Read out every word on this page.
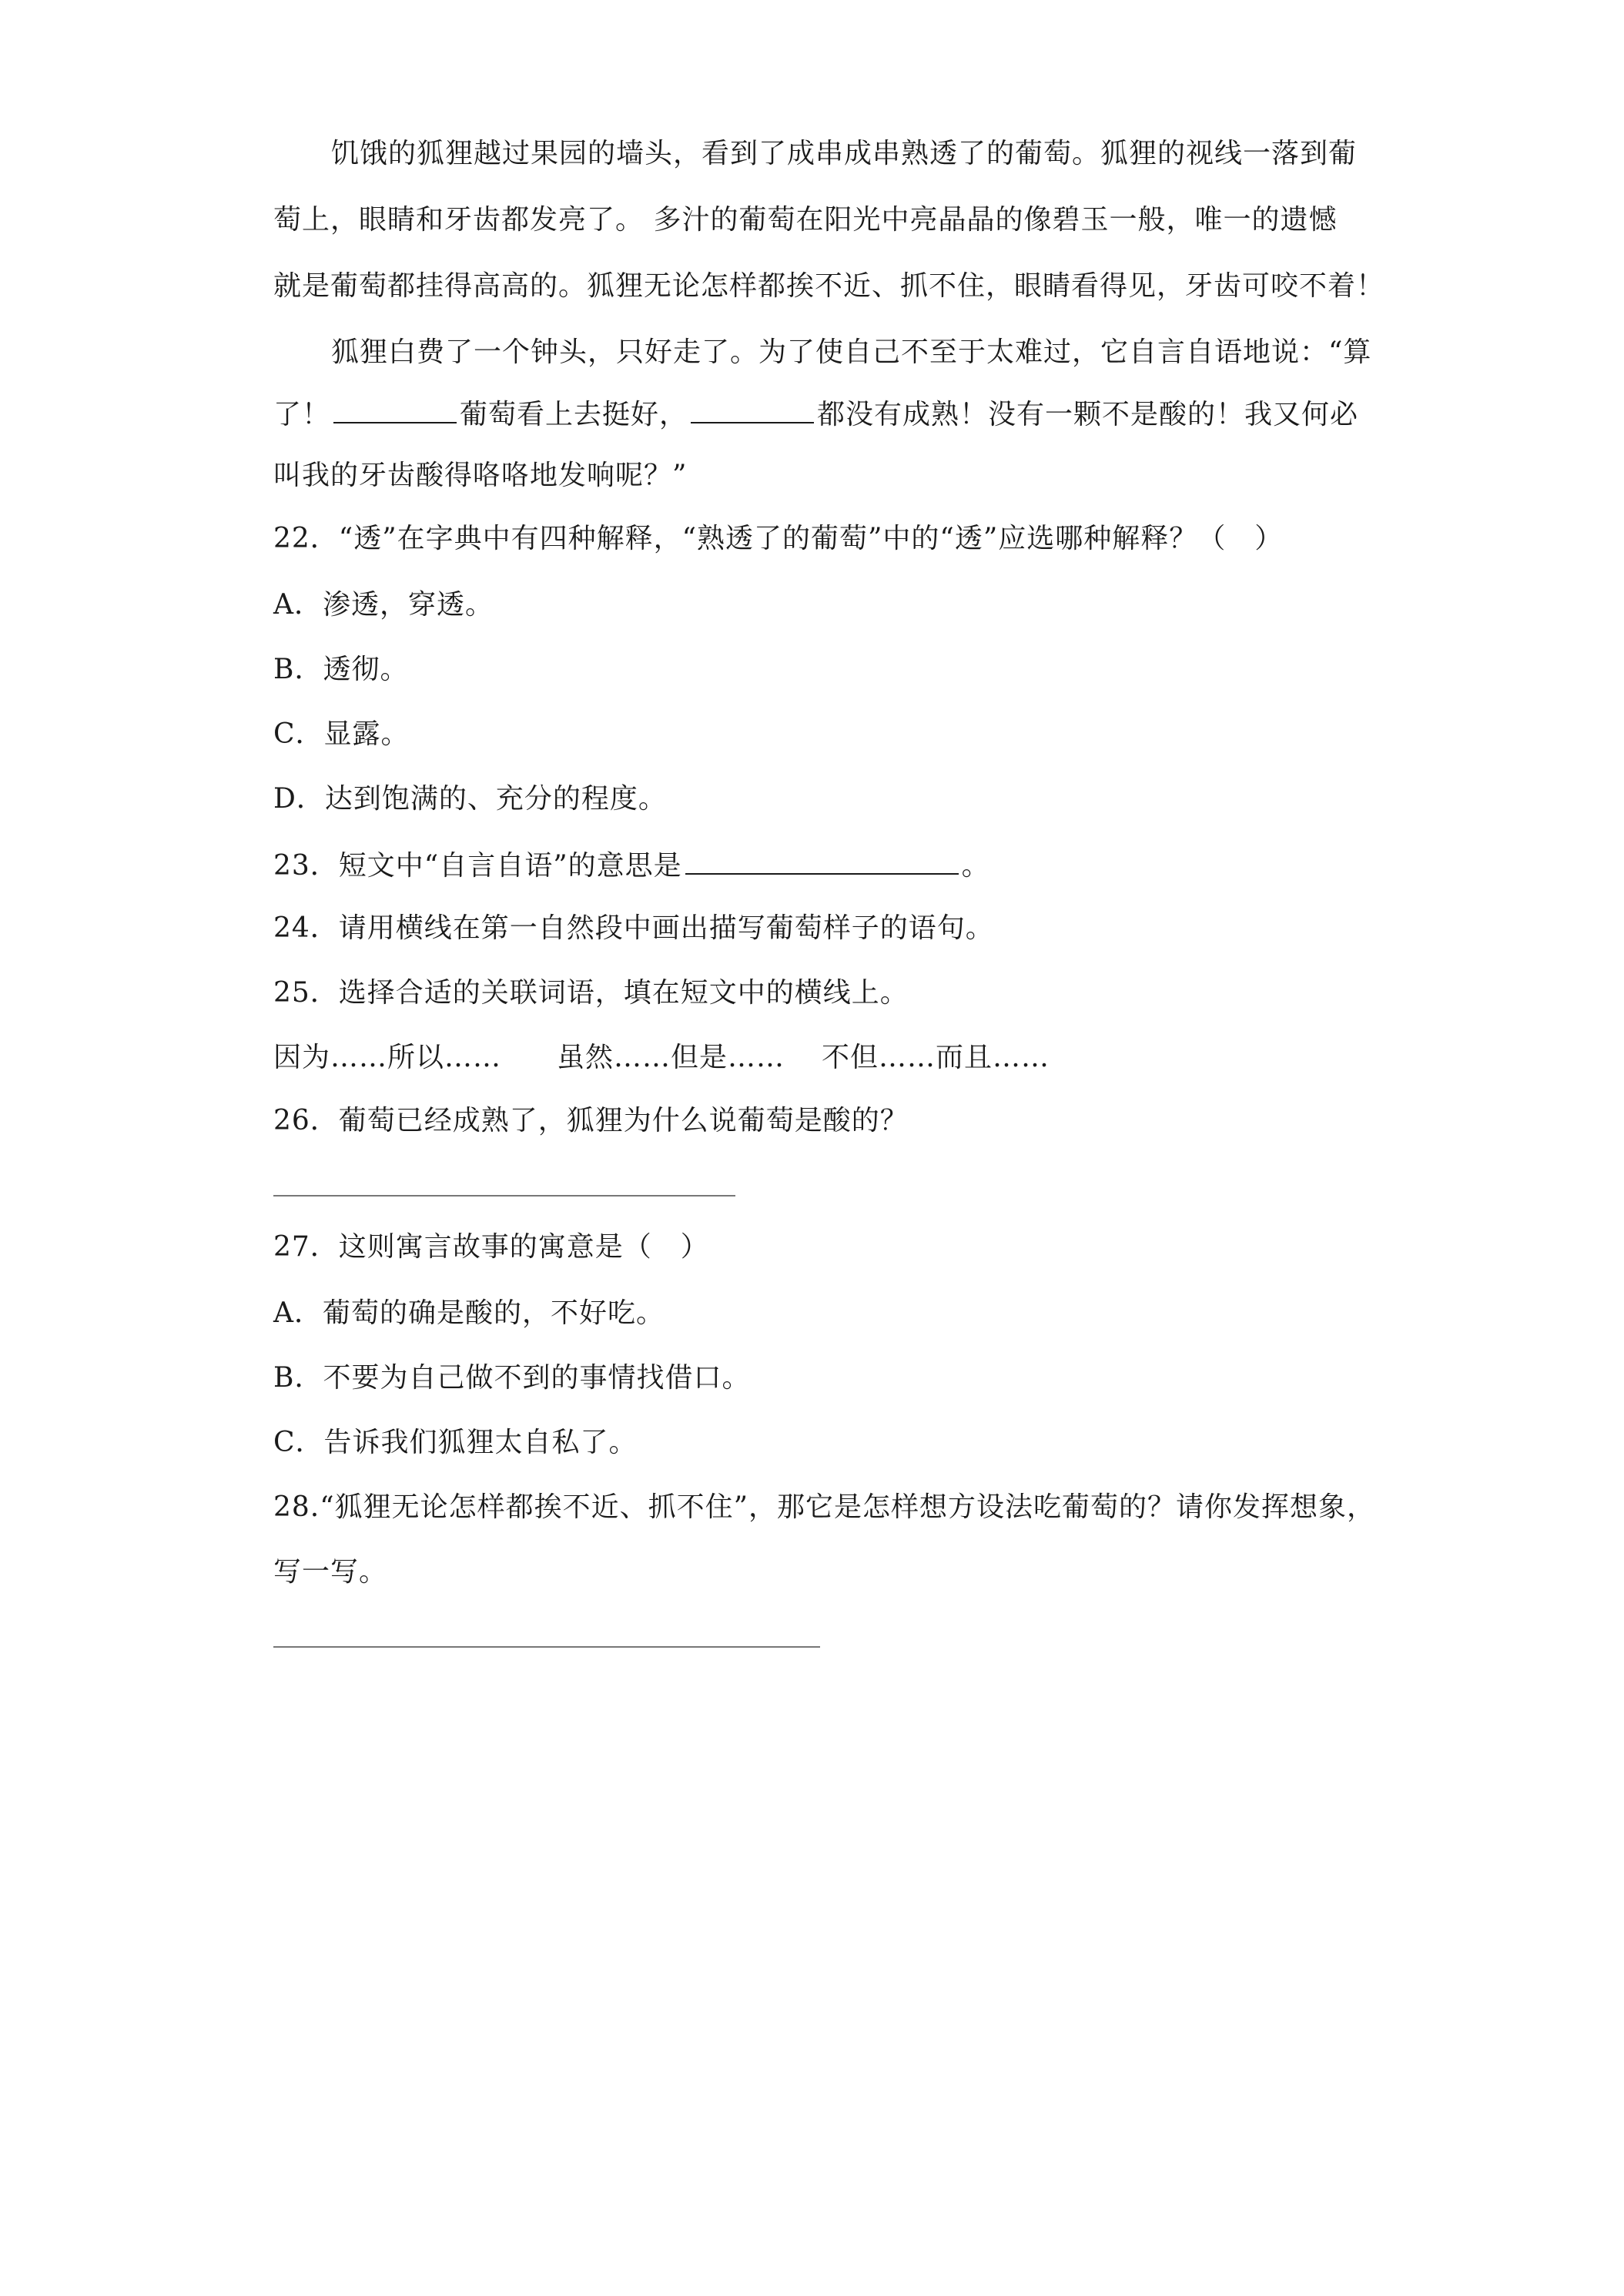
饥饿的狐狸越过果园的墙头，看到了成串成串熟透了的葡萄。狐狸的视线一落到葡
萄上，眼睛和牙齿都发亮了。 多汁的葡萄在阳光中亮晶晶的像碧玉一般，唯一的遗憾
就是葡萄都挂得高高的。狐狸无论怎样都挨不近、抓不住，眼睛看得见，牙齿可咬不着！
狐狸白费了一个钟头，只好走了。为了使自己不至于太难过，它自言自语地说：“算
了！	葡萄看上去挺好，	都没有成熟！没有一颗不是酸的！我又何必
叫我的牙齿酸得咯咯地发响呢？”
22．“透”在字典中有四种解释，“熟透了的葡萄”中的“透”应选哪种解释？（　）
A．渗透，穿透。
B．透彻。
C．显露。
D．达到饱满的、充分的程度。
23．短文中“自言自语”的意思是	。
24．请用横线在第一自然段中画出描写葡萄样子的语句。
25．选择合适的关联词语，填在短文中的横线上。
因为……所以…… 虽然……但是…… 不但……而且……
26．葡萄已经成熟了，狐狸为什么说葡萄是酸的？
27．这则寓言故事的寓意是（　）
A．葡萄的确是酸的，不好吃。
B．不要为自己做不到的事情找借口。
C．告诉我们狐狸太自私了。
28.“狐狸无论怎样都挨不近、抓不住”，那它是怎样想方设法吃葡萄的？请你发挥想象，
写一写。
